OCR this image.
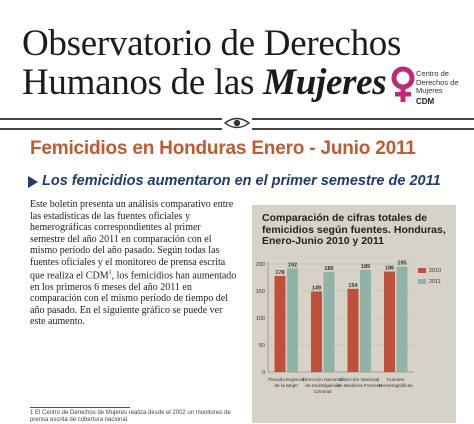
Observatorio de Derechos
Humanos de las Mujeres	Centro de
Derechos de
Mujeres
CDM
Femicidios en Honduras Enero - Junio 2011
Los femicidios aumentaron en el primer semestre de 2011
Este boletín presenta un análisis comparativo entre las estadísticas de las fuentes oficiales y hemerográficas correspondientes al primer semestre del año 2011 en comparación con el mismo período del año pasado. Según todas las fuentes oficiales y el monitoreo de prensa escrita que realiza el CDM$^1$, los femicidios han aumentado en los primeros 6 meses del año 2011 en comparación con el mismo período de tiempo del año pasado. En el siguiente gráfico se puede ver este aumento.
1 El Centro de Derechos de Mujeres realiza desde el 2002 un monitoreo de prensa escrita de cobertura nacional.
Comparación de cifras totales de femicidios según fuentes. Honduras, Enero-Junio 2010 y 2011
0
50
100
150
200
178
192
Fiscalía Especial
de la Mujer
149
185
Dirección Nacional
de Investigación
Criminal
154
189
Dirección Nacional
de Medicina Forense
186
195
Fuentes
Hemerográficas
2010
2011
